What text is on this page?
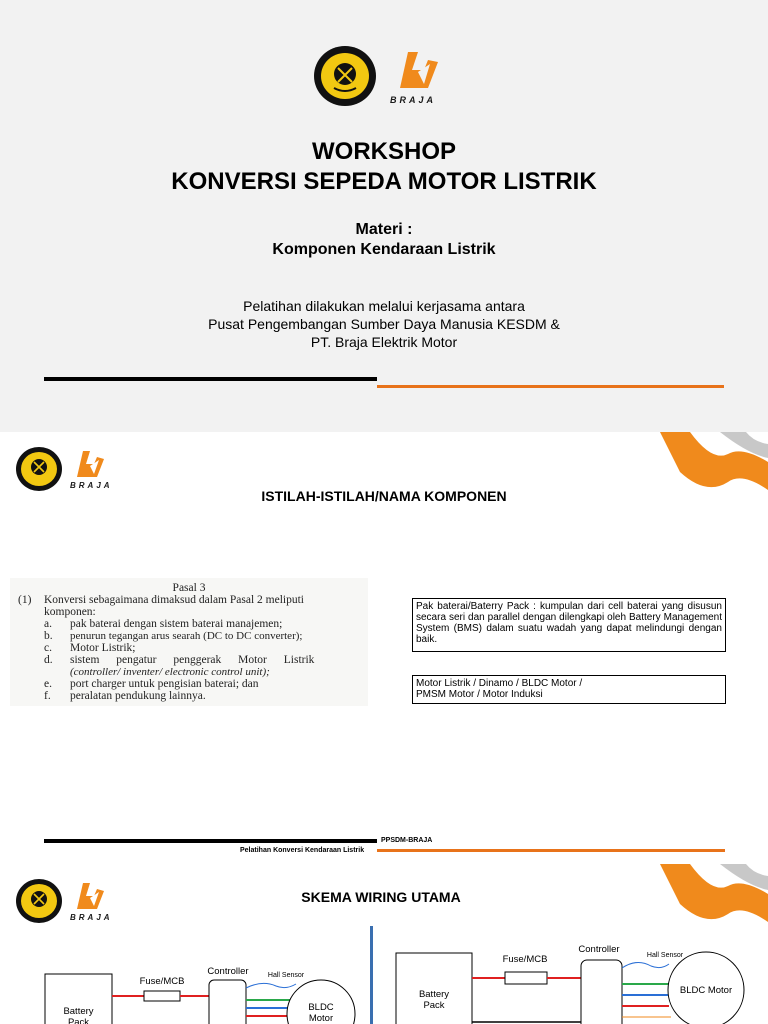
BRAJA
WORKSHOP
KONVERSI SEPEDA MOTOR LISTRIK
Materi :
Komponen Kendaraan Listrik
Pelatihan dilakukan melalui kerjasama antara
Pusat Pengembangan Sumber Daya Manusia KESDM &
PT. Braja Elektrik Motor
BRAJA
ISTILAH-ISTILAH/NAMA KOMPONEN
Pasal 3
(1) Konversi sebagaimana dimaksud dalam Pasal 2 meliputi
komponen:
a.	pak baterai dengan sistem baterai manajemen;
b.	penurun tegangan arus searah (DC to DC converter);
c.	Motor Listrik;
d.	sistem pengatur penggerak Motor Listrik
(controller/ inventer/ electronic control unit);
e.	port charger untuk pengisian baterai; dan
f.	peralatan pendukung lainnya.
Pak baterai/Baterry Pack : kumpulan dari cell baterai yang disusun secara seri dan parallel dengan dilengkapi oleh Battery Management System (BMS) dalam suatu wadah yang dapat melindungi dengan baik.
Motor Listrik / Dinamo / BLDC Motor /
PMSM Motor / Motor Induksi
PPSDM-BRAJA
Pelatihan Konversi Kendaraan Listrik
BRAJA
SKEMA WIRING UTAMA
Battery
Pack
Fuse/MCB
Controller	Hall Sensor
BLDC
Motor
Battery
Pack
Fuse/MCB
Controller
Hall Sensor
BLDC Motor
